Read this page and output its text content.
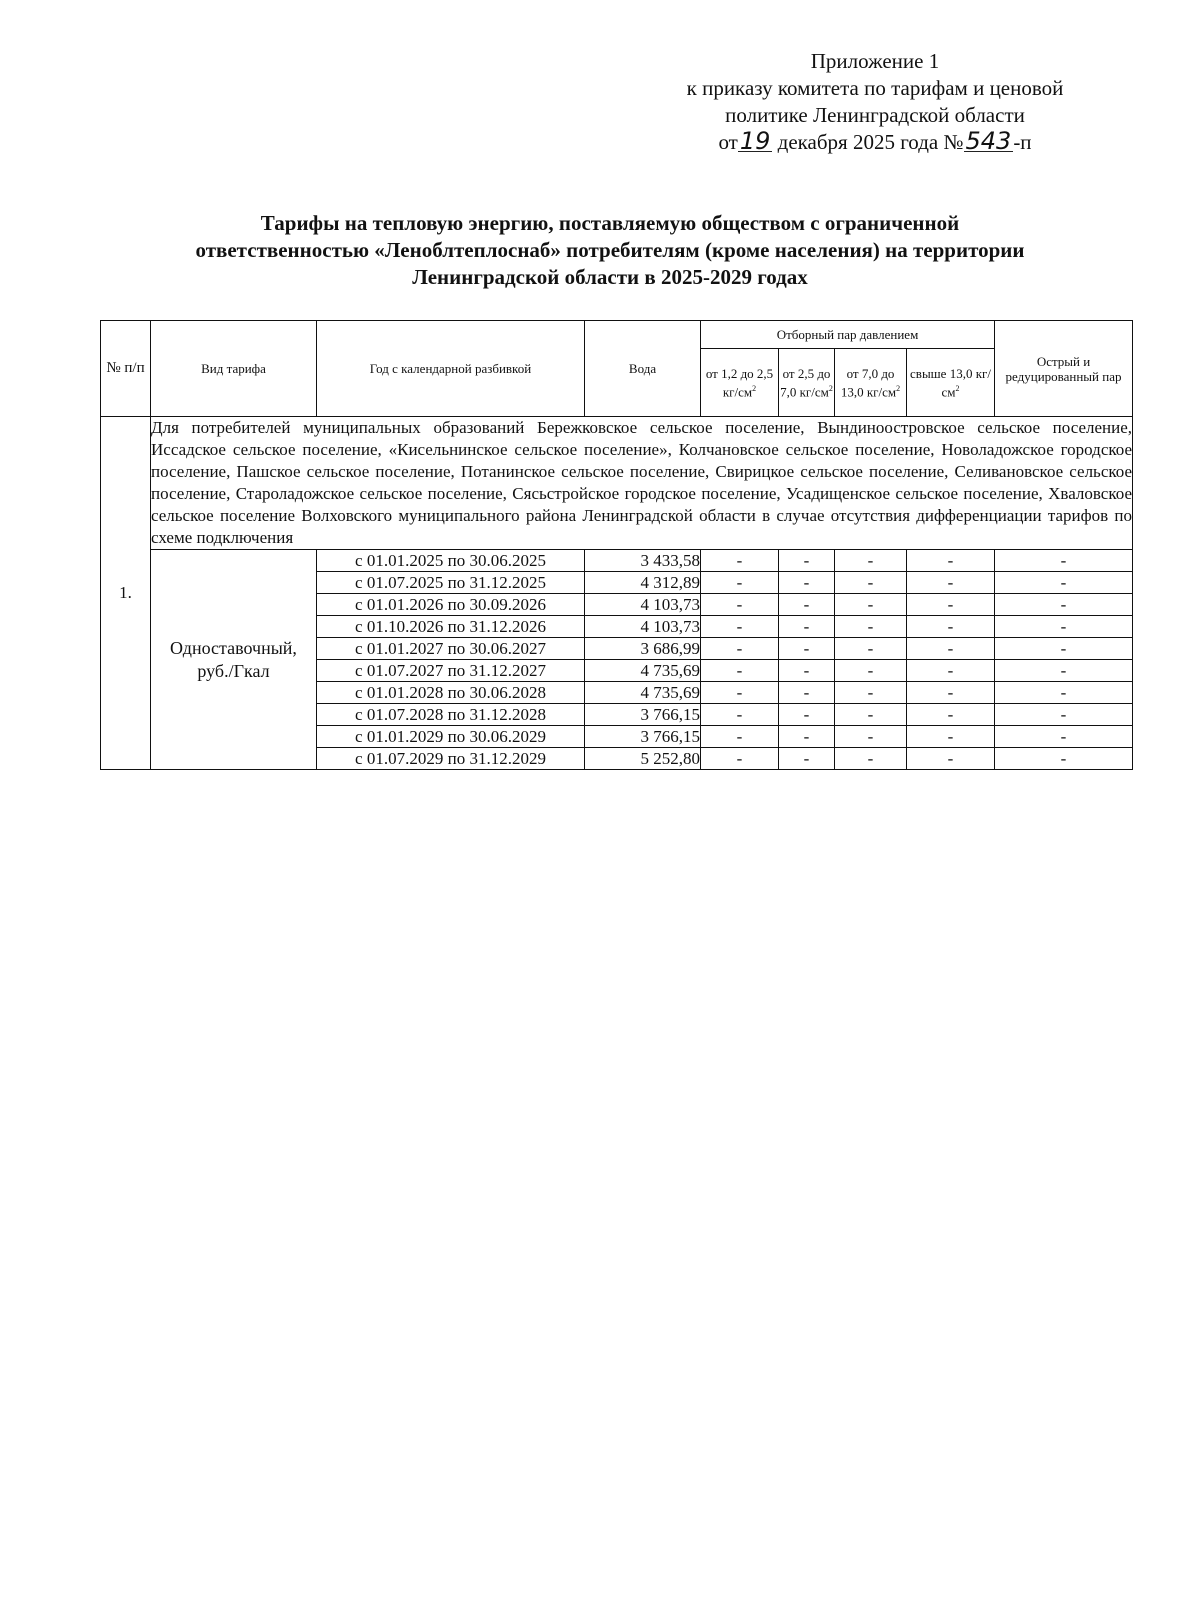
Приложение 1
к приказу комитета по тарифам и ценовой
политике Ленинградской области
от19 декабря 2025 года №543-п
Тарифы на тепловую энергию, поставляемую обществом с ограниченной
ответственностью «Леноблтеплоснаб» потребителям (кроме населения) на территории
Ленинградской области в 2025-2029 годах
№ п/п	Вид тарифа	Год с календарной разбивкой	Вода	Отборный пар давлением				Острый и редуцированный пар
				от 1,2 до 2,5 $кг/см^2$	от 2,5 до 7,0 $кг/см^2$	от 7,0 до 13,0 $кг/см^2$	свыше 13,0 $кг/см^2$
1.	Для потребителей муниципальных образований Бережковское сельское поселение, Вындиноостровское сельское поселение, Иссадское сельское поселение, «Кисельнинское сельское поселение», Колчановское сельское поселение, Новоладожское городское поселение, Пашское сельское поселение, Потанинское сельское поселение, Свирицкое сельское поселение, Селивановское сельское поселение, Староладожское сельское поселение, Сясьстройское городское поселение, Усадищенское сельское поселение, Хваловское сельское поселение Волховского муниципального района Ленинградской области в случае отсутствия дифференциации тарифов по схеме подключения							
	Одноставочный, руб./Гкал	с 01.01.2025 по 30.06.2025	3 433,58	-	-	-	-	-
		с 01.07.2025 по 31.12.2025	4 312,89	-	-	-	-	-
		с 01.01.2026 по 30.09.2026	4 103,73	-	-	-	-	-
		с 01.10.2026 по 31.12.2026	4 103,73	-	-	-	-	-
		с 01.01.2027 по 30.06.2027	3 686,99	-	-	-	-	-
		с 01.07.2027 по 31.12.2027	4 735,69	-	-	-	-	-
		с 01.01.2028 по 30.06.2028	4 735,69	-	-	-	-	-
		с 01.07.2028 по 31.12.2028	3 766,15	-	-	-	-	-
		с 01.01.2029 по 30.06.2029	3 766,15	-	-	-	-	-
		с 01.07.2029 по 31.12.2029	5 252,80	-	-	-	-	-
